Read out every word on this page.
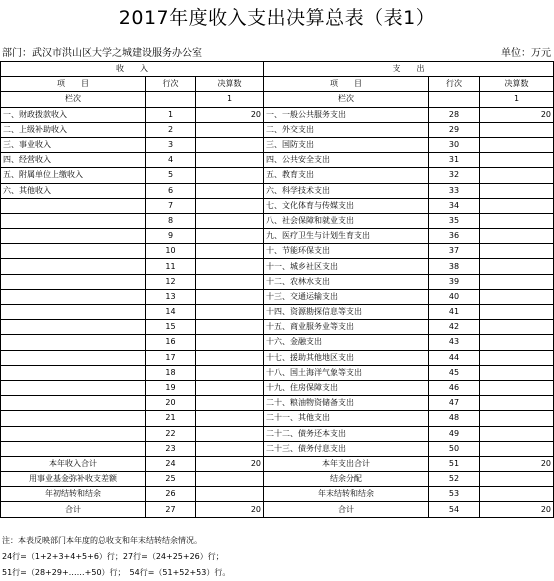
2017年度收入支出决算总表（表1）
部门：武汉市洪山区大学之城建设服务办公室	单位：万元
收　　入			支　　出		
项　　目	行次	决算数	项　　目	行次	决算数
栏次		1	栏次		1
一、财政拨款收入	1	20	一、一般公共服务支出	28	20
二、上级补助收入	2		二、外交支出	29	
三、事业收入	3		三、国防支出	30	
四、经营收入	4		四、公共安全支出	31	
五、附属单位上缴收入	5		五、教育支出	32	
六、其他收入	6		六、科学技术支出	33	
	7		七、文化体育与传媒支出	34	
	8		八、社会保障和就业支出	35	
	9		九、医疗卫生与计划生育支出	36	
	10		十、节能环保支出	37	
	11		十一、城乡社区支出	38	
	12		十二、农林水支出	39	
	13		十三、交通运输支出	40	
	14		十四、资源勘探信息等支出	41	
	15		十五、商业服务业等支出	42	
	16		十六、金融支出	43	
	17		十七、援助其他地区支出	44	
	18		十八、国土海洋气象等支出	45	
	19		十九、住房保障支出	46	
	20		二十、粮油物资储备支出	47	
	21		二十一、其他支出	48	
	22		二十二、债务还本支出	49	
	23		二十三、债务付息支出	50	
本年收入合计	24	20	本年支出合计	51	20
用事业基金弥补收支差额	25		结余分配	52	
年初结转和结余	26		年末结转和结余	53	
合计	27	20	合计	54	20
注：本表反映部门本年度的总收支和年末结转结余情况。
24行=（1+2+3+4+5+6）行；27行=（24+25+26）行；
51行=（28+29+……+50）行；　54行=（51+52+53）行。
